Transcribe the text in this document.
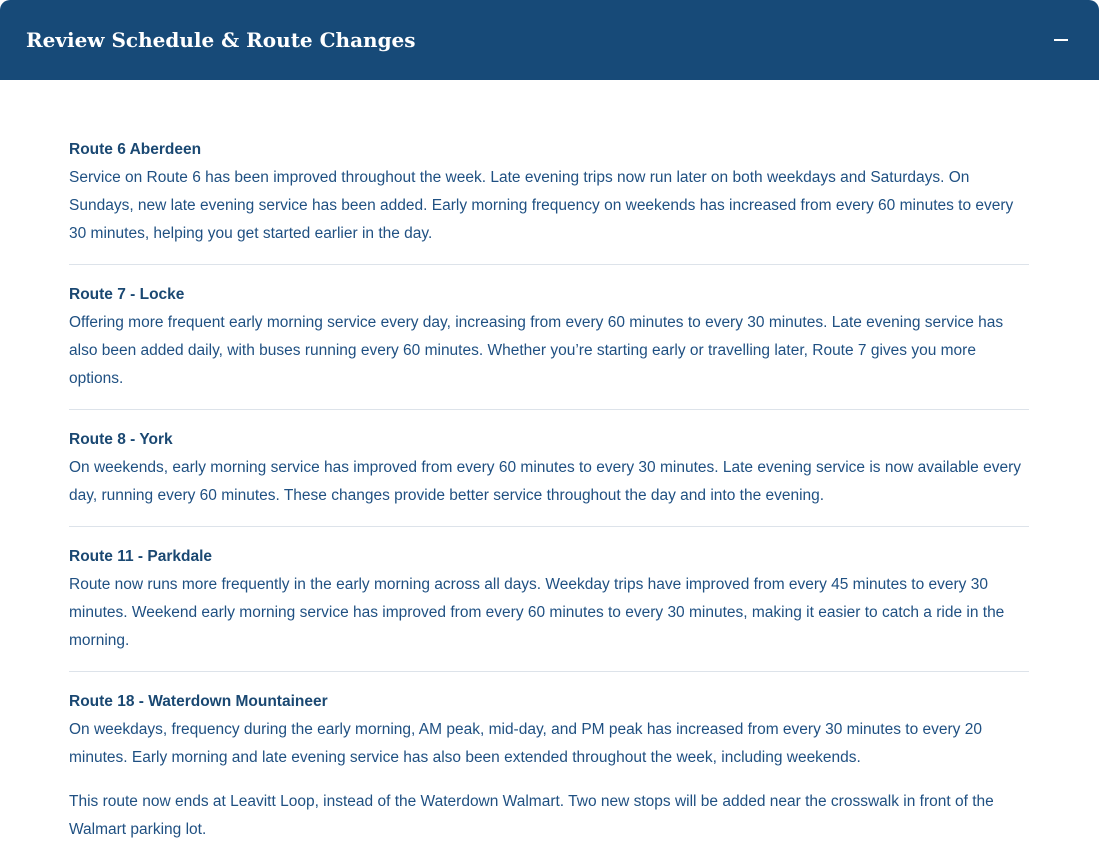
Review Schedule & Route Changes
Route 6 Aberdeen

Service on Route 6 has been improved throughout the week. Late evening trips now run later on both weekdays and Saturdays. On Sundays, new late evening service has been added. Early morning frequency on weekends has increased from every 60 minutes to every 30 minutes, helping you get started earlier in the day.

Route 7 - Locke

Offering more frequent early morning service every day, increasing from every 60 minutes to every 30 minutes. Late evening service has also been added daily, with buses running every 60 minutes. Whether you’re starting early or travelling later, Route 7 gives you more options.

Route 8 - York

On weekends, early morning service has improved from every 60 minutes to every 30 minutes. Late evening service is now available every day, running every 60 minutes. These changes provide better service throughout the day and into the evening.

Route 11 - Parkdale

Route now runs more frequently in the early morning across all days. Weekday trips have improved from every 45 minutes to every 30 minutes. Weekend early morning service has improved from every 60 minutes to every 30 minutes, making it easier to catch a ride in the morning.

Route 18 - Waterdown Mountaineer

On weekdays, frequency during the early morning, AM peak, mid-day, and PM peak has increased from every 30 minutes to every 20 minutes. Early morning and late evening service has also been extended throughout the week, including weekends.

This route now ends at Leavitt Loop, instead of the Waterdown Walmart. Two new stops will be added near the crosswalk in front of the Walmart parking lot.
